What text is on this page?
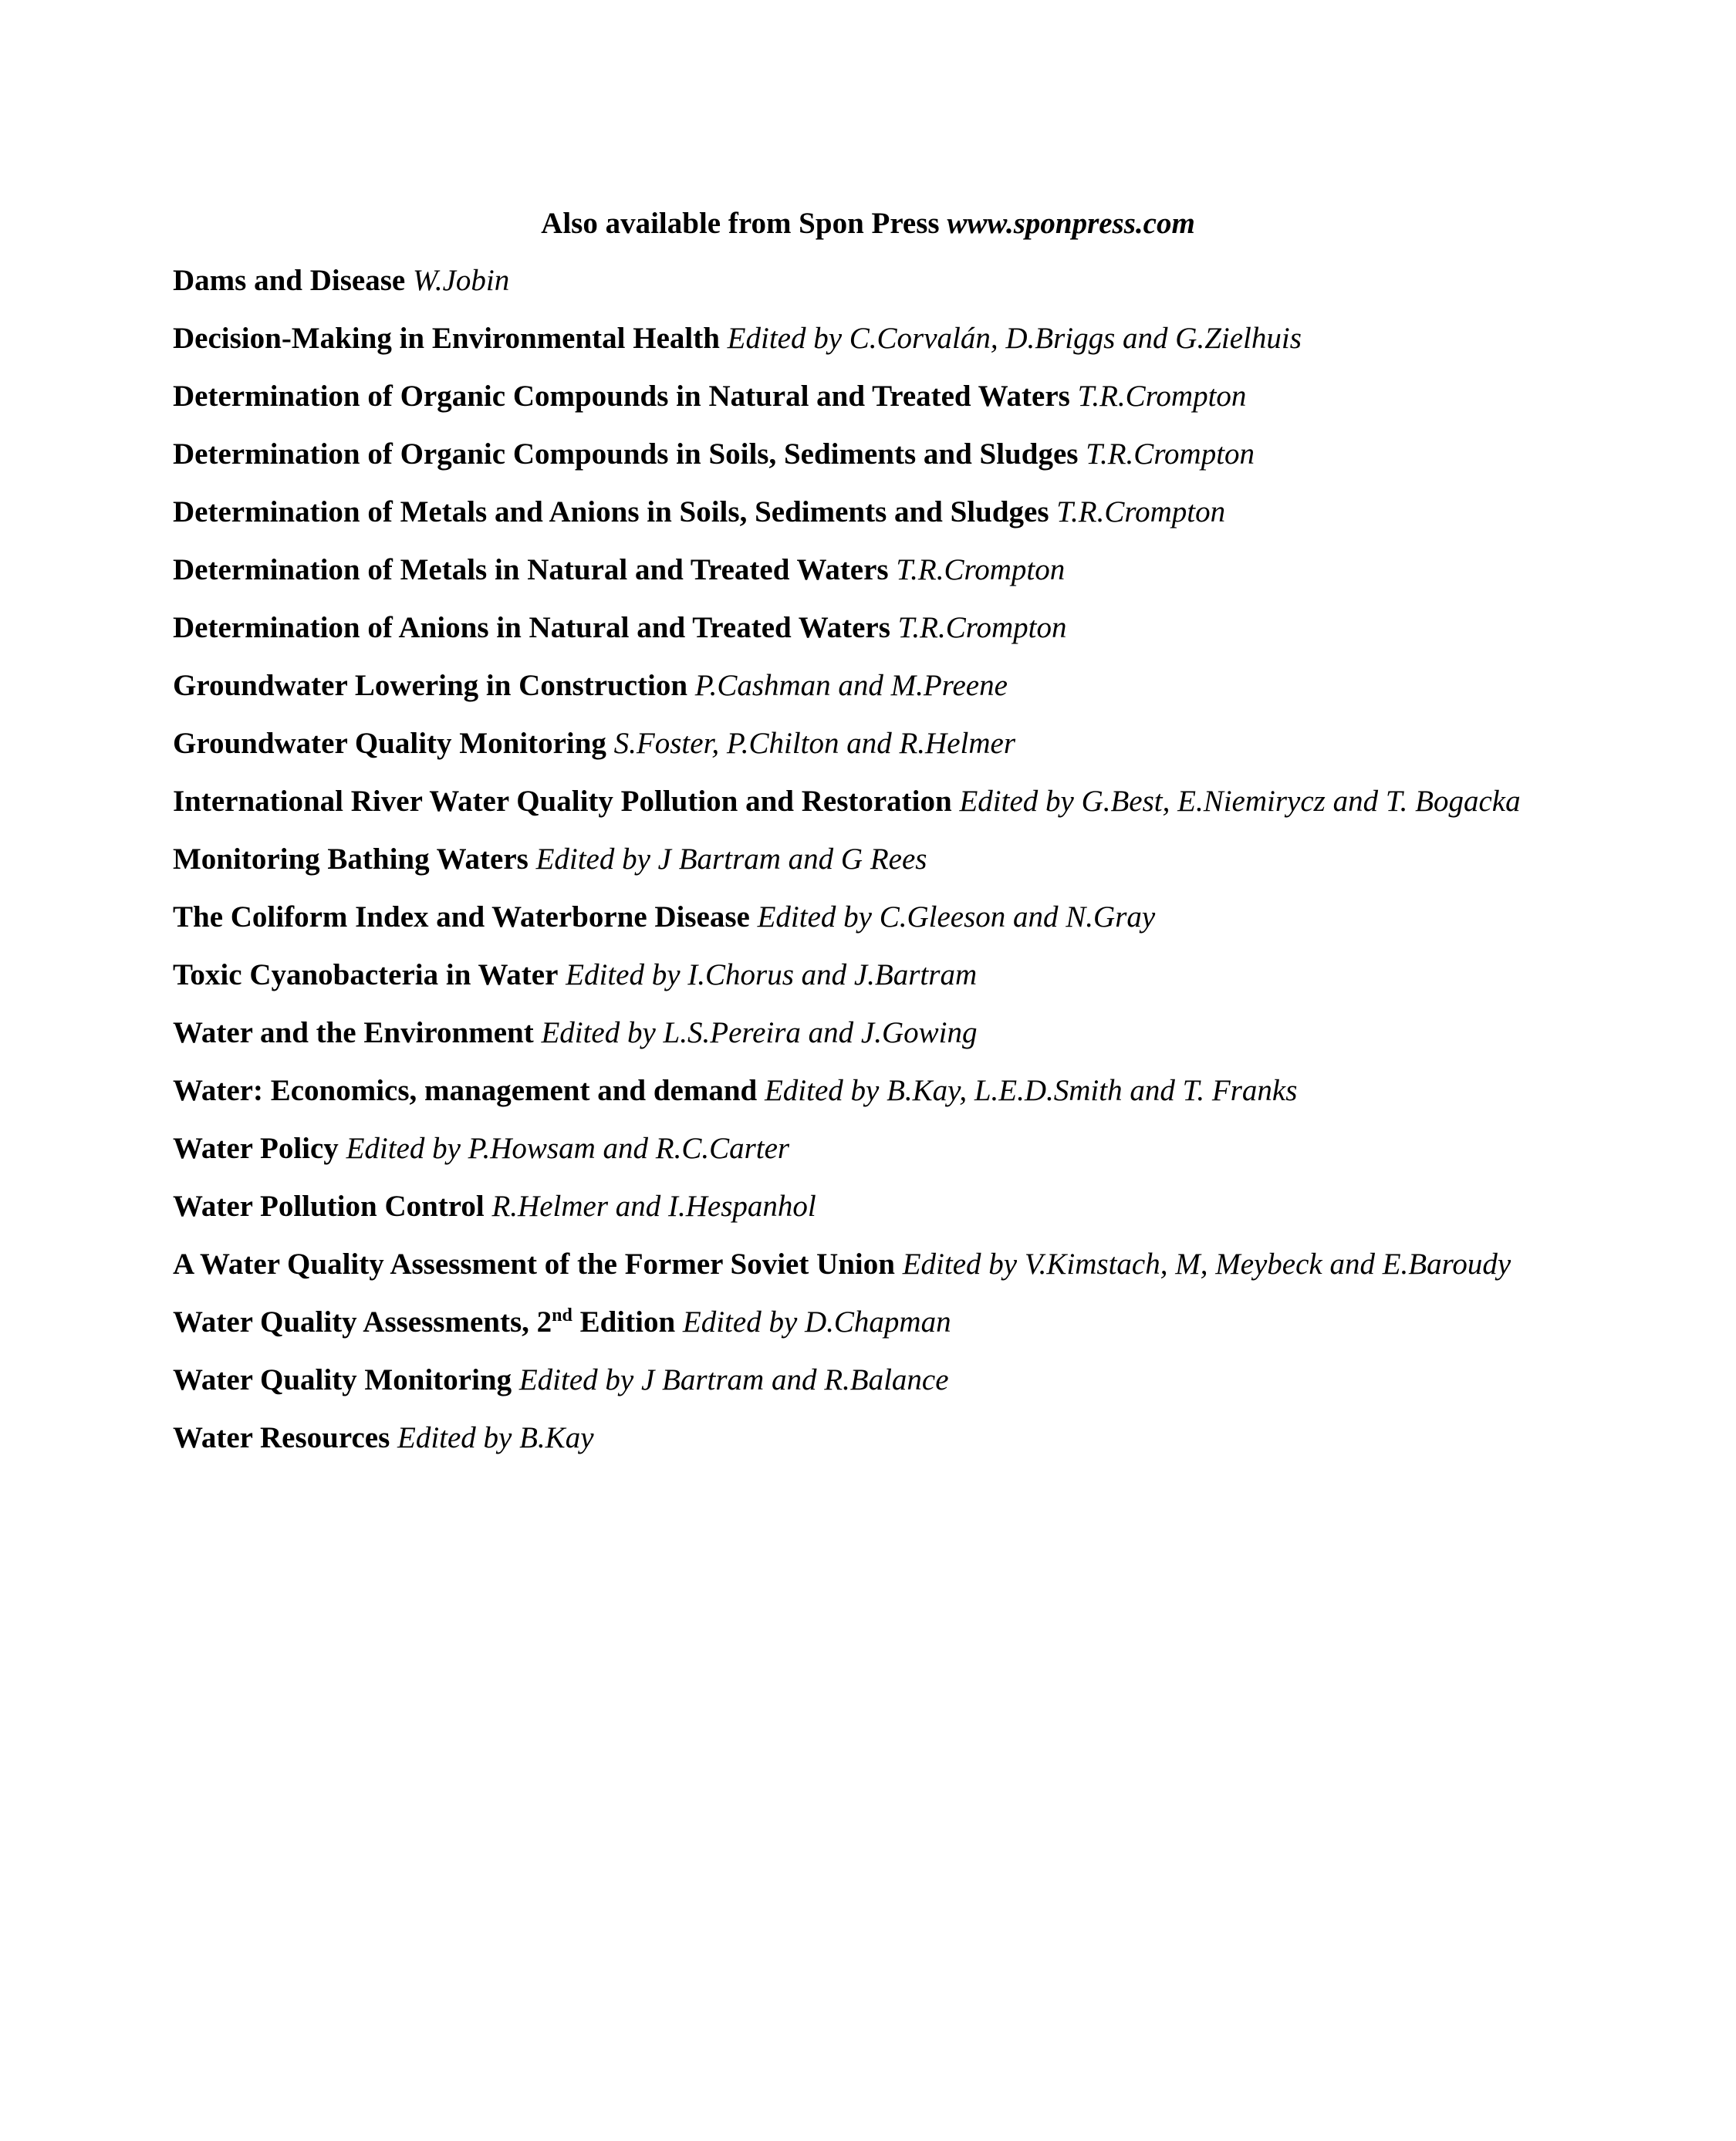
Also available from Spon Press www.sponpress.com

Dams and Disease W.Jobin
Decision-Making in Environmental Health Edited by C.Corvalán, D.Briggs and G.Zielhuis
Determination of Organic Compounds in Natural and Treated Waters T.R.Crompton
Determination of Organic Compounds in Soils, Sediments and Sludges T.R.Crompton
Determination of Metals and Anions in Soils, Sediments and Sludges T.R.Crompton
Determination of Metals in Natural and Treated Waters T.R.Crompton
Determination of Anions in Natural and Treated Waters T.R.Crompton
Groundwater Lowering in Construction P.Cashman and M.Preene
Groundwater Quality Monitoring S.Foster, P.Chilton and R.Helmer
International River Water Quality Pollution and Restoration Edited by G.Best, E.Niemirycz and T. Bogacka
Monitoring Bathing Waters Edited by J Bartram and G Rees
The Coliform Index and Waterborne Disease Edited by C.Gleeson and N.Gray
Toxic Cyanobacteria in Water Edited by I.Chorus and J.Bartram
Water and the Environment Edited by L.S.Pereira and J.Gowing
Water: Economics, management and demand Edited by B.Kay, L.E.D.Smith and T. Franks
Water Policy Edited by P.Howsam and R.C.Carter
Water Pollution Control R.Helmer and I.Hespanhol
A Water Quality Assessment of the Former Soviet Union Edited by V.Kimstach, M, Meybeck and E.Baroudy
Water Quality Assessments, 2nd Edition Edited by D.Chapman
Water Quality Monitoring Edited by J Bartram and R.Balance
Water Resources Edited by B.Kay
